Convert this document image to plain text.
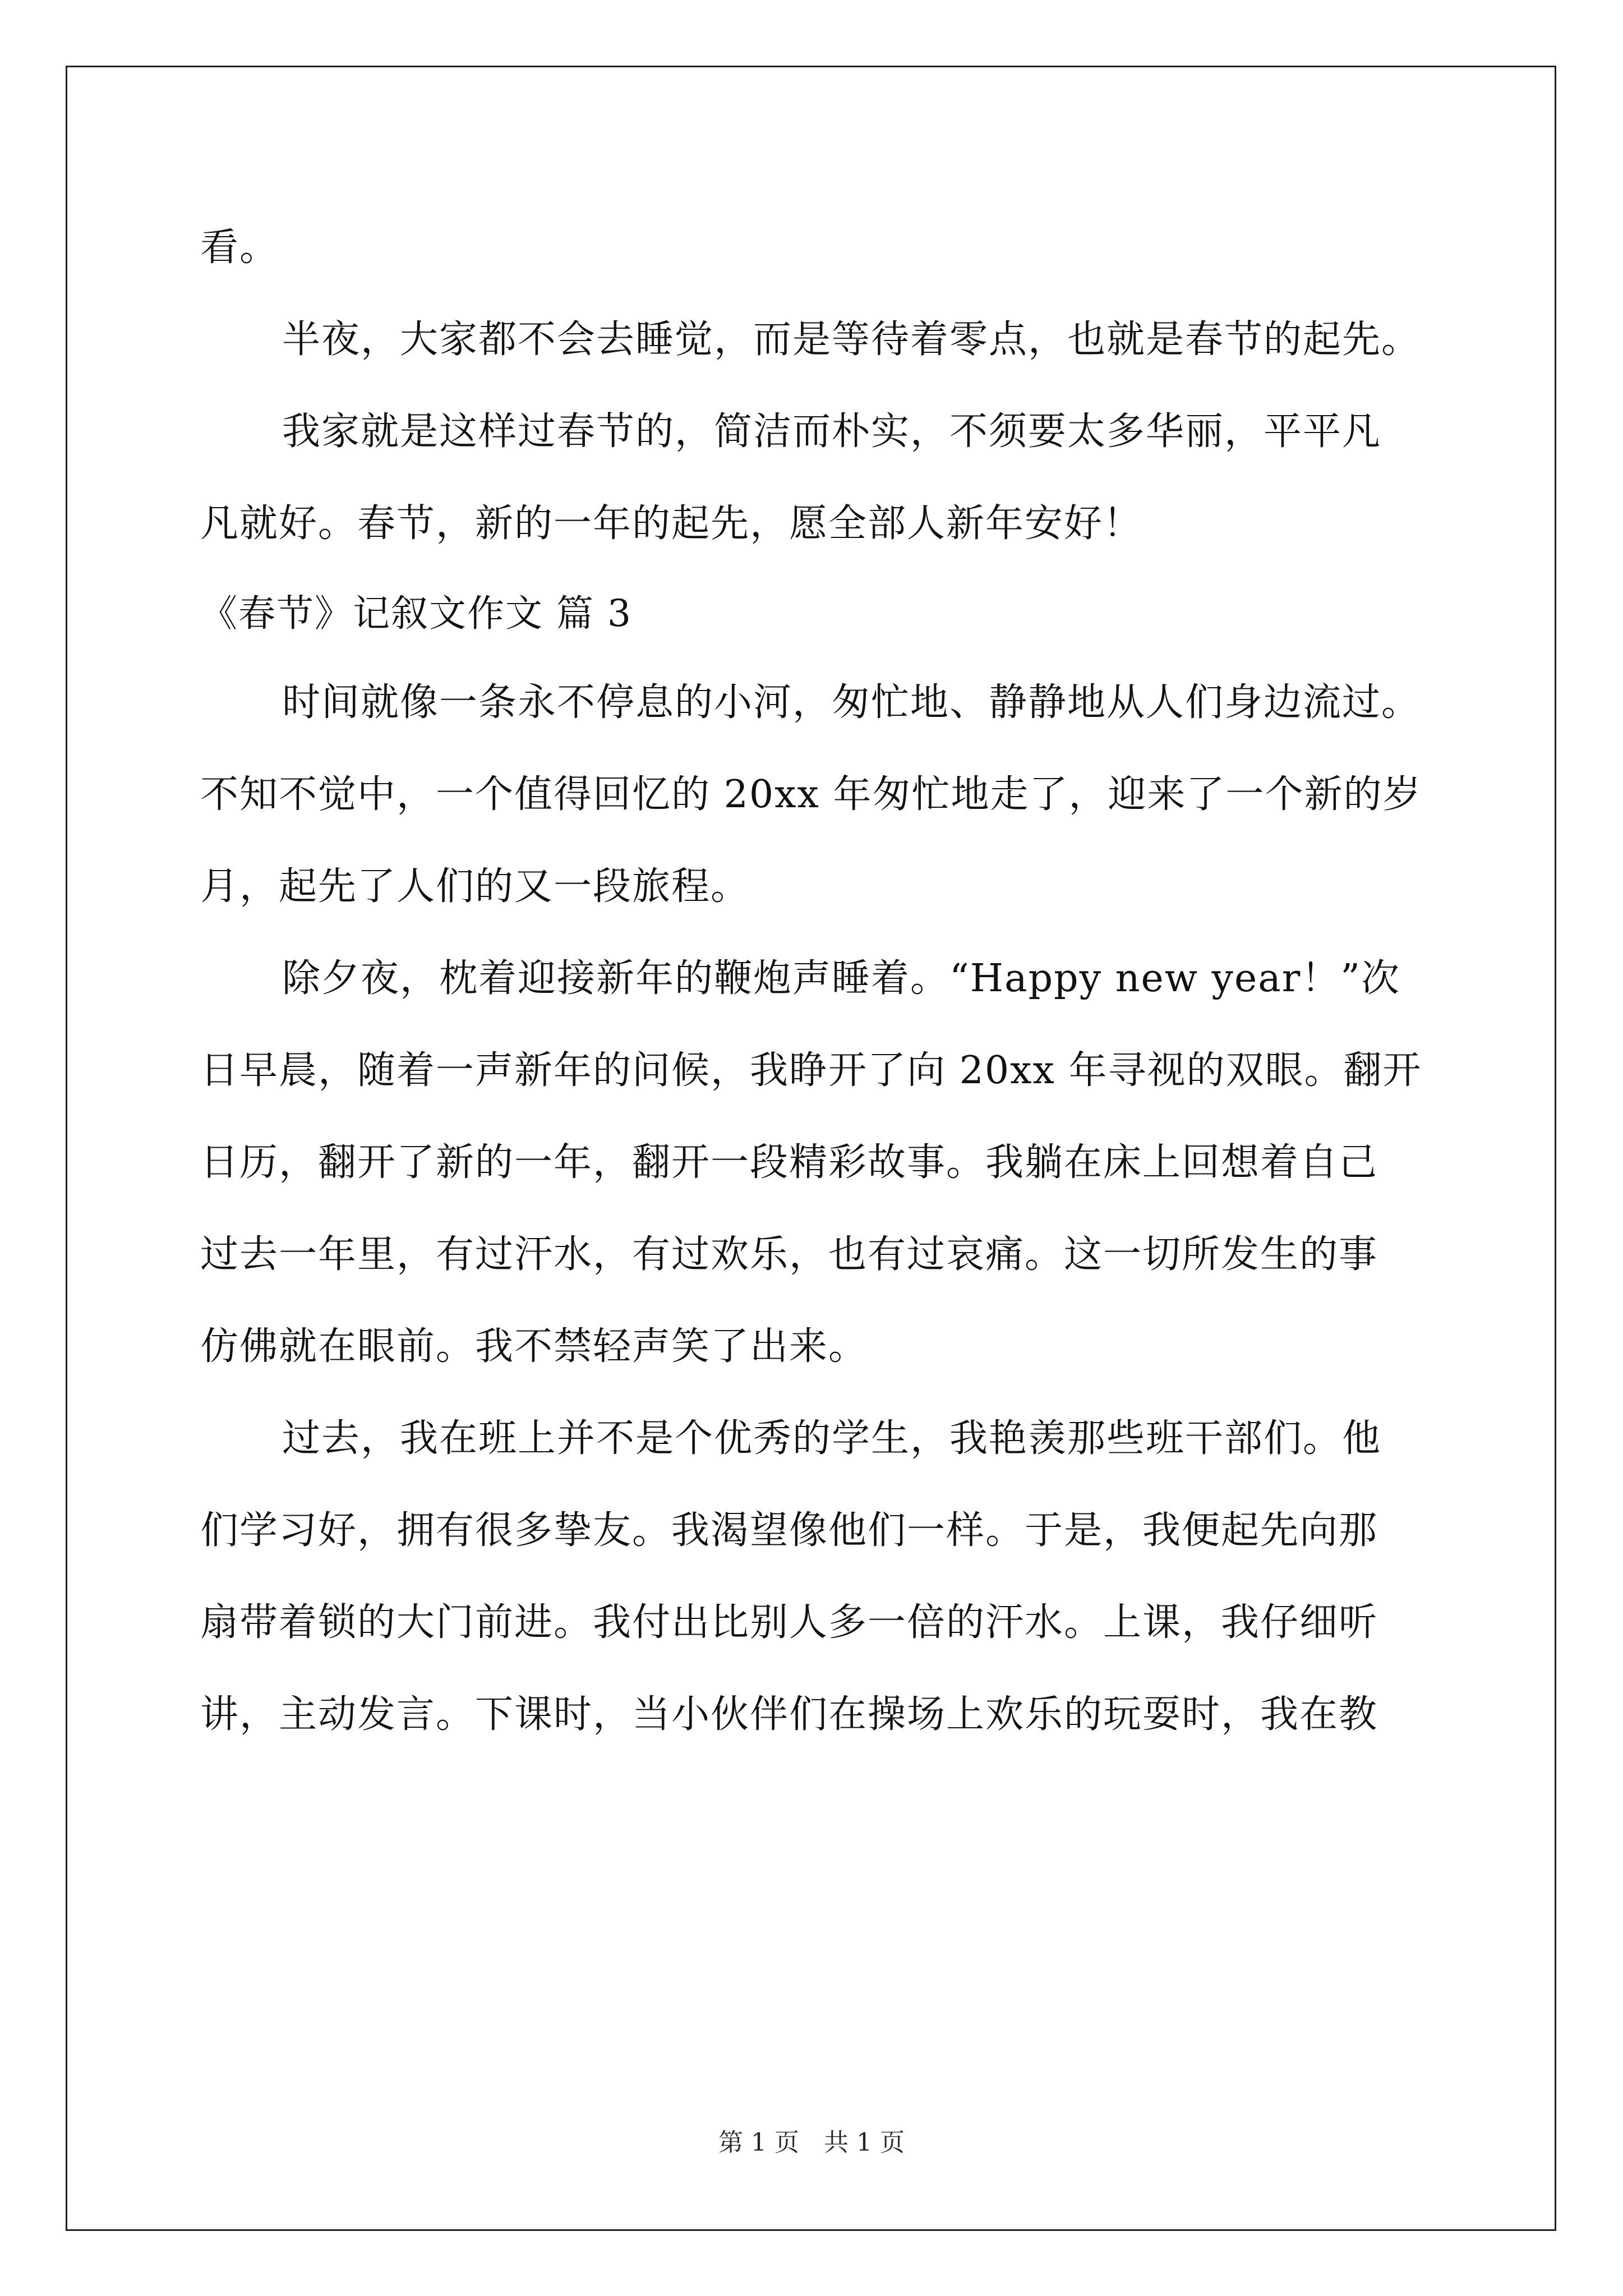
看。
半夜，大家都不会去睡觉，而是等待着零点，也就是春节的起先。
我家就是这样过春节的，简洁而朴实，不须要太多华丽，平平凡
凡就好。春节，新的一年的起先，愿全部人新年安好！
《春节》记叙文作文 篇 3
时间就像一条永不停息的小河，匆忙地、静静地从人们身边流过。
不知不觉中，一个值得回忆的 20xx 年匆忙地走了，迎来了一个新的岁
月，起先了人们的又一段旅程。
除夕夜，枕着迎接新年的鞭炮声睡着。“Happy new year！”次
日早晨，随着一声新年的问候，我睁开了向 20xx 年寻视的双眼。翻开
日历，翻开了新的一年，翻开一段精彩故事。我躺在床上回想着自己
过去一年里，有过汗水，有过欢乐，也有过哀痛。这一切所发生的事
仿佛就在眼前。我不禁轻声笑了出来。
过去，我在班上并不是个优秀的学生，我艳羡那些班干部们。他
们学习好，拥有很多挚友。我渴望像他们一样。于是，我便起先向那
扇带着锁的大门前进。我付出比别人多一倍的汗水。上课，我仔细听
讲，主动发言。下课时，当小伙伴们在操场上欢乐的玩耍时，我在教
第 1 页 共 1 页
